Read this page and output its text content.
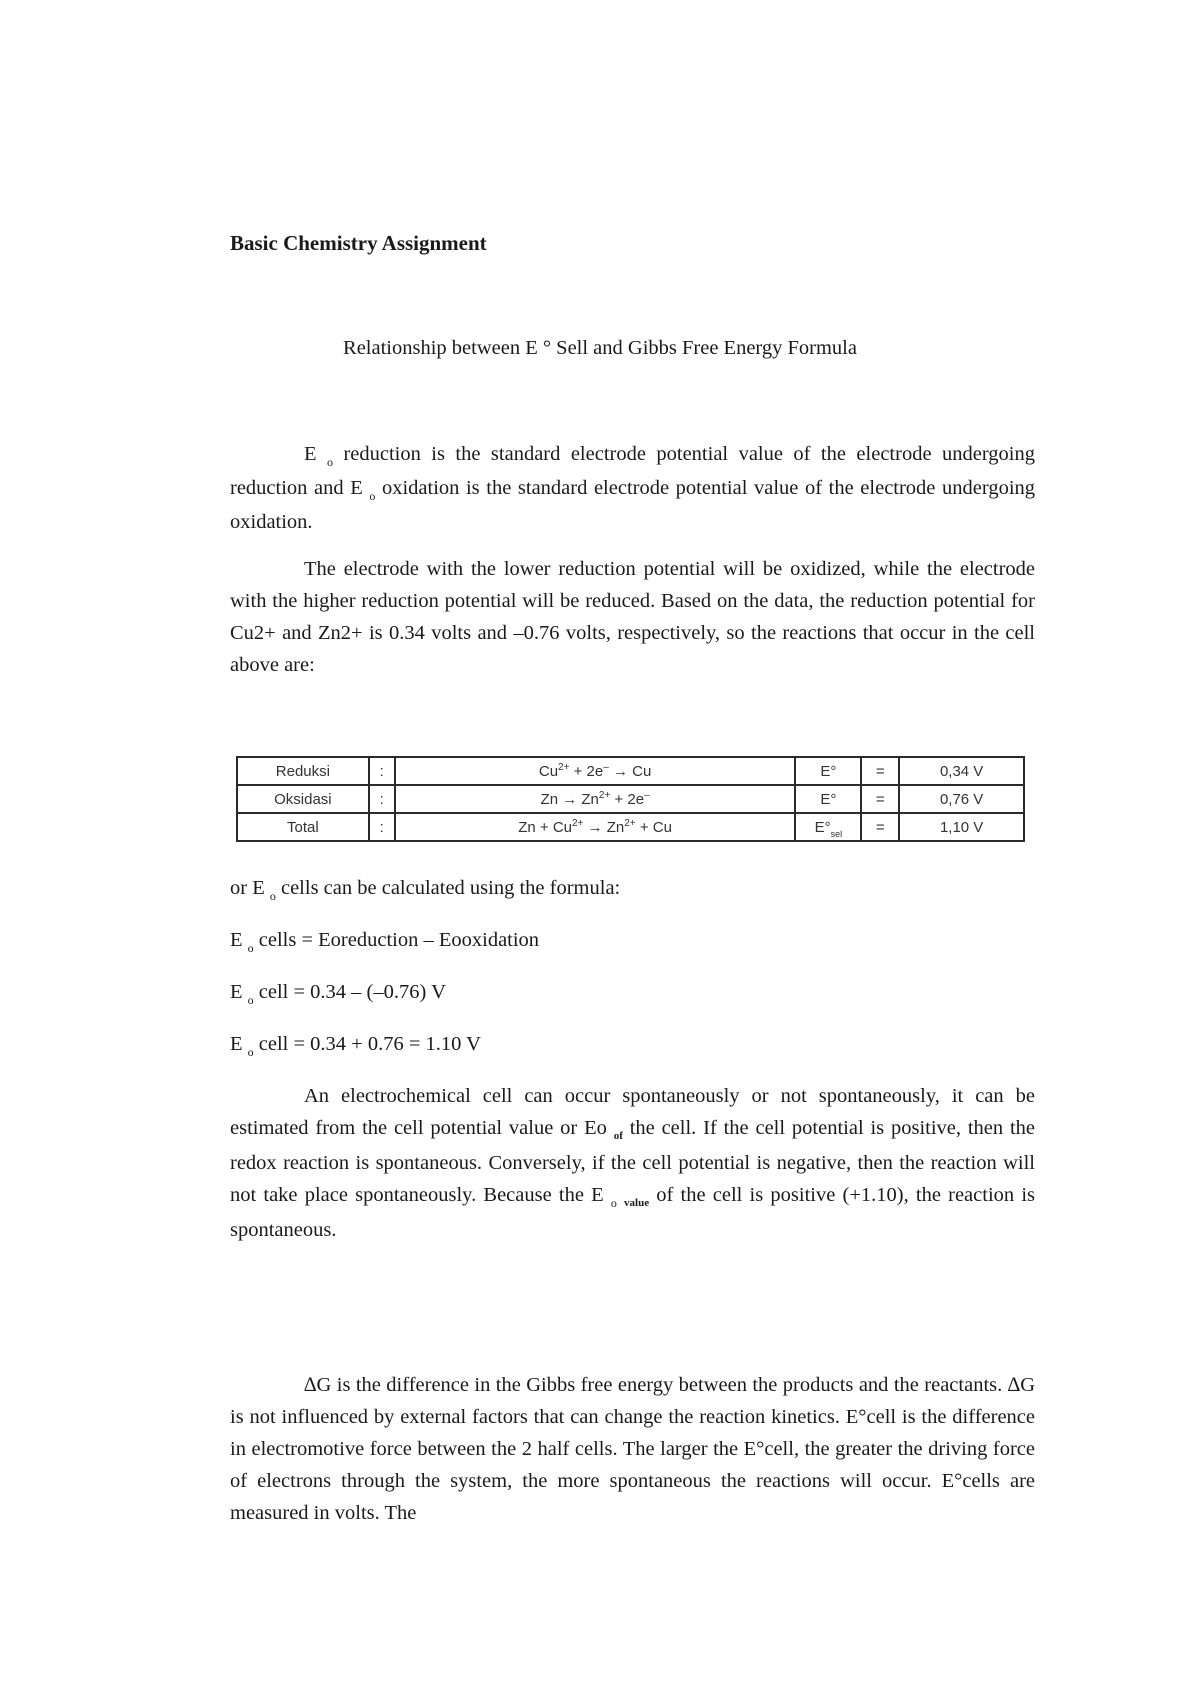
Basic Chemistry Assignment
Relationship between E ° Sell and Gibbs Free Energy Formula
E $_o$ reduction is the standard electrode potential value of the electrode undergoing reduction and E $_o$ oxidation is the standard electrode potential value of the electrode undergoing oxidation.
The electrode with the lower reduction potential will be oxidized, while the electrode with the higher reduction potential will be reduced. Based on the data, the reduction potential for Cu2+ and Zn2+ is 0.34 volts and –0.76 volts, respectively, so the reactions that occur in the cell above are:
Reduksi	:	$Cu^{2+} + 2e^- \to Cu$	E°	=	0,34 V
Oksidasi	:	$Zn \to Zn^{2+} + 2e^-$	E°	=	0,76 V
Total	:	$Zn + Cu^{2+} \to Zn^{2+} + Cu$	$E^\circ_{sel}$	=	1,10 V
or E $_o$ cells can be calculated using the formula:
E $_o$ cells = Eoreduction – Eooxidation
E $_o$ cell = 0.34 – (–0.76) V
E $_o$ cell = 0.34 + 0.76 = 1.10 V
An electrochemical cell can occur spontaneously or not spontaneously, it can be estimated from the cell potential value or Eo $_{of}$ the cell. If the cell potential is positive, then the redox reaction is spontaneous. Conversely, if the cell potential is negative, then the reaction will not take place spontaneously. Because the E $_o$ $_{value}$ of the cell is positive (+1.10), the reaction is spontaneous.
∆G is the difference in the Gibbs free energy between the products and the reactants. ∆G is not influenced by external factors that can change the reaction kinetics. E°cell is the difference in electromotive force between the 2 half cells. The larger the E°cell, the greater the driving force of electrons through the system, the more spontaneous the reactions will occur. E°cells are measured in volts. The
